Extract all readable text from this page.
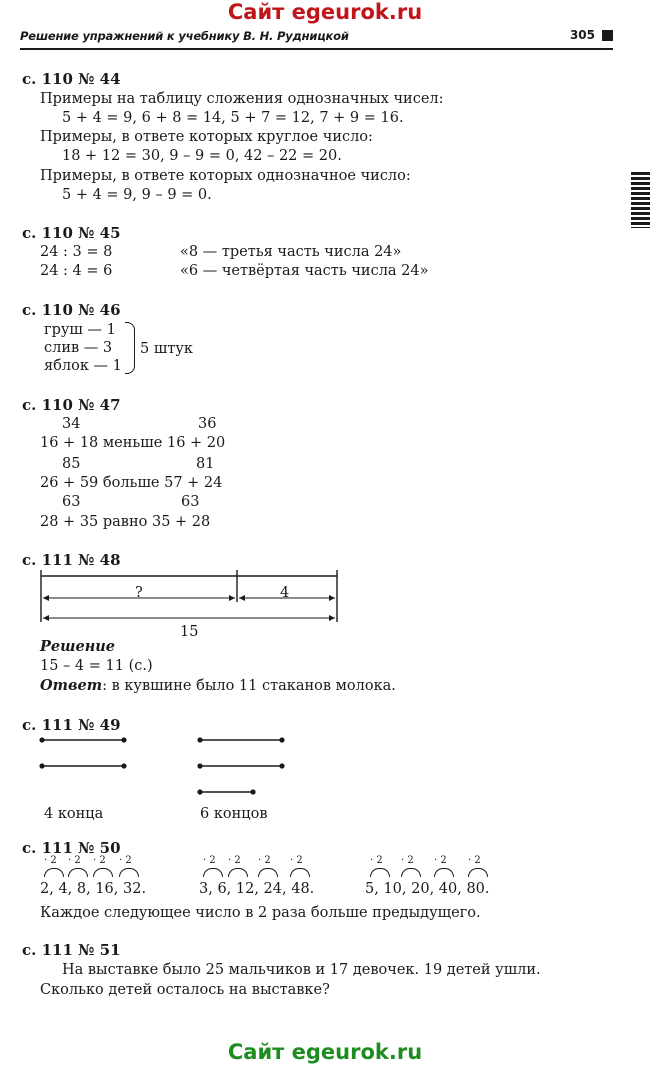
Сайт egeurok.ru
Решение упражнений к учебнику В. Н. Рудницкой	305
с. 110 № 44
Примеры на таблицу сложения однозначных чисел:
5 + 4 = 9, 6 + 8 = 14, 5 + 7 = 12, 7 + 9 = 16.
Примеры, в ответе которых круглое число:
18 + 12 = 30, 9 – 9 = 0, 42 – 22 = 20.
Примеры, в ответе которых однозначное число:
5 + 4 = 9, 9 – 9 = 0.
с. 110 № 45
24 : 3 = 8	«8 — третья часть числа 24»
24 : 4 = 6	«6 — четвёртая часть числа 24»
с. 110 № 46
груш — 1
слив — 3
яблок — 1
5 штук
с. 110 № 47
34	36
16 + 18 меньше 16 + 20
85	81
26 + 59 больше 57 + 24
63	63
28 + 35 равно 35 + 28
с. 111 № 48
?	4
15
Решение
15 – 4 = 11 (с.)
Ответ: в кувшине было 11 стаканов молока.
с. 111 № 49
4 конца	6 концов
с. 111 № 50
· 2 · 2 · 2 · 2
2, 4, 8, 16, 32.
· 2 · 2 · 2 · 2
3, 6, 12, 24, 48.
· 2 · 2 · 2 · 2
5, 10, 20, 40, 80.
Каждое следующее число в 2 раза больше предыдущего.
с. 111 № 51
На выставке было 25 мальчиков и 17 девочек. 19 детей ушли.
Сколько детей осталось на выставке?
Сайт egeurok.ru
